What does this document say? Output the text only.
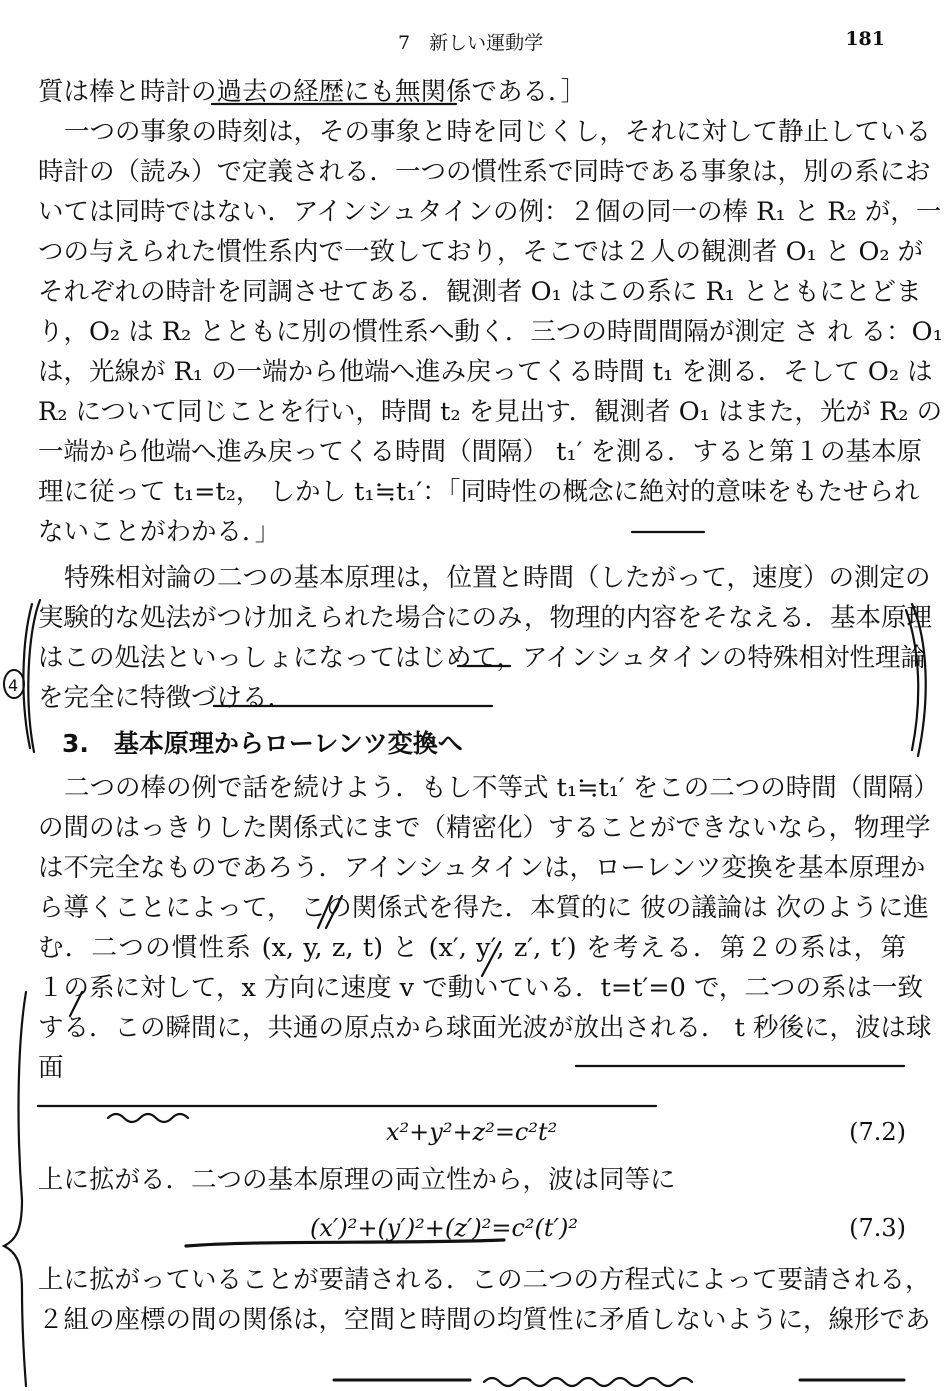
7　新しい運動学	181
質は棒と時計の過去の経歴にも無関係である．］
一つの事象の時刻は，その事象と時を同じくし，それに対して静止している
時計の（読み）で定義される．一つの慣性系で同時である事象は，別の系にお
いては同時ではない．アインシュタインの例：２個の同一の棒 R₁ と R₂ が，一
つの与えられた慣性系内で一致しており，そこでは２人の観測者 O₁ と O₂ が
それぞれの時計を同調させてある．観測者 O₁ はこの系に R₁ とともにとどま
り，O₂ は R₂ とともに別の慣性系へ動く．三つの時間間隔が測定 さ れ る：O₁
は，光線が R₁ の一端から他端へ進み戻ってくる時間 t₁ を測る．そして O₂ は
R₂ について同じことを行い，時間 t₂ を見出す．観測者 O₁ はまた，光が R₂ の
一端から他端へ進み戻ってくる時間（間隔） t₁′ を測る．すると第１の基本原
理に従って t₁=t₂， しかし t₁≒t₁′：「同時性の概念に絶対的意味をもたせられ
ないことがわかる．」
特殊相対論の二つの基本原理は，位置と時間（したがって，速度）の測定の
実験的な処法がつけ加えられた場合にのみ，物理的内容をそなえる．基本原理
はこの処法といっしょになってはじめて，アインシュタインの特殊相対性理論
を完全に特徴づける．
3.　基本原理からローレンツ変換へ
二つの棒の例で話を続けよう．もし不等式 t₁≒t₁′ をこの二つの時間（間隔）
の間のはっきりした関係式にまで（精密化）することができないなら，物理学
は不完全なものであろう．アインシュタインは，ローレンツ変換を基本原理か
ら導くことによって， この関係式を得た．本質的に 彼の議論は 次のように進
む．二つの慣性系 (x, y, z, t) と (x′, y′, z′, t′) を考える．第２の系は，第
１の系に対して，x 方向に速度 v で動いている．t=t′=0 で，二つの系は一致
する．この瞬間に，共通の原点から球面光波が放出される． t 秒後に，波は球
面
x²+y²+z²=c²t²	(7.2)
上に拡がる．二つの基本原理の両立性から，波は同等に
(x′)²+(y′)²+(z′)²=c²(t′)²	(7.3)
上に拡がっていることが要請される．この二つの方程式によって要請される，
２組の座標の間の関係は，空間と時間の均質性に矛盾しないように，線形であ
4
